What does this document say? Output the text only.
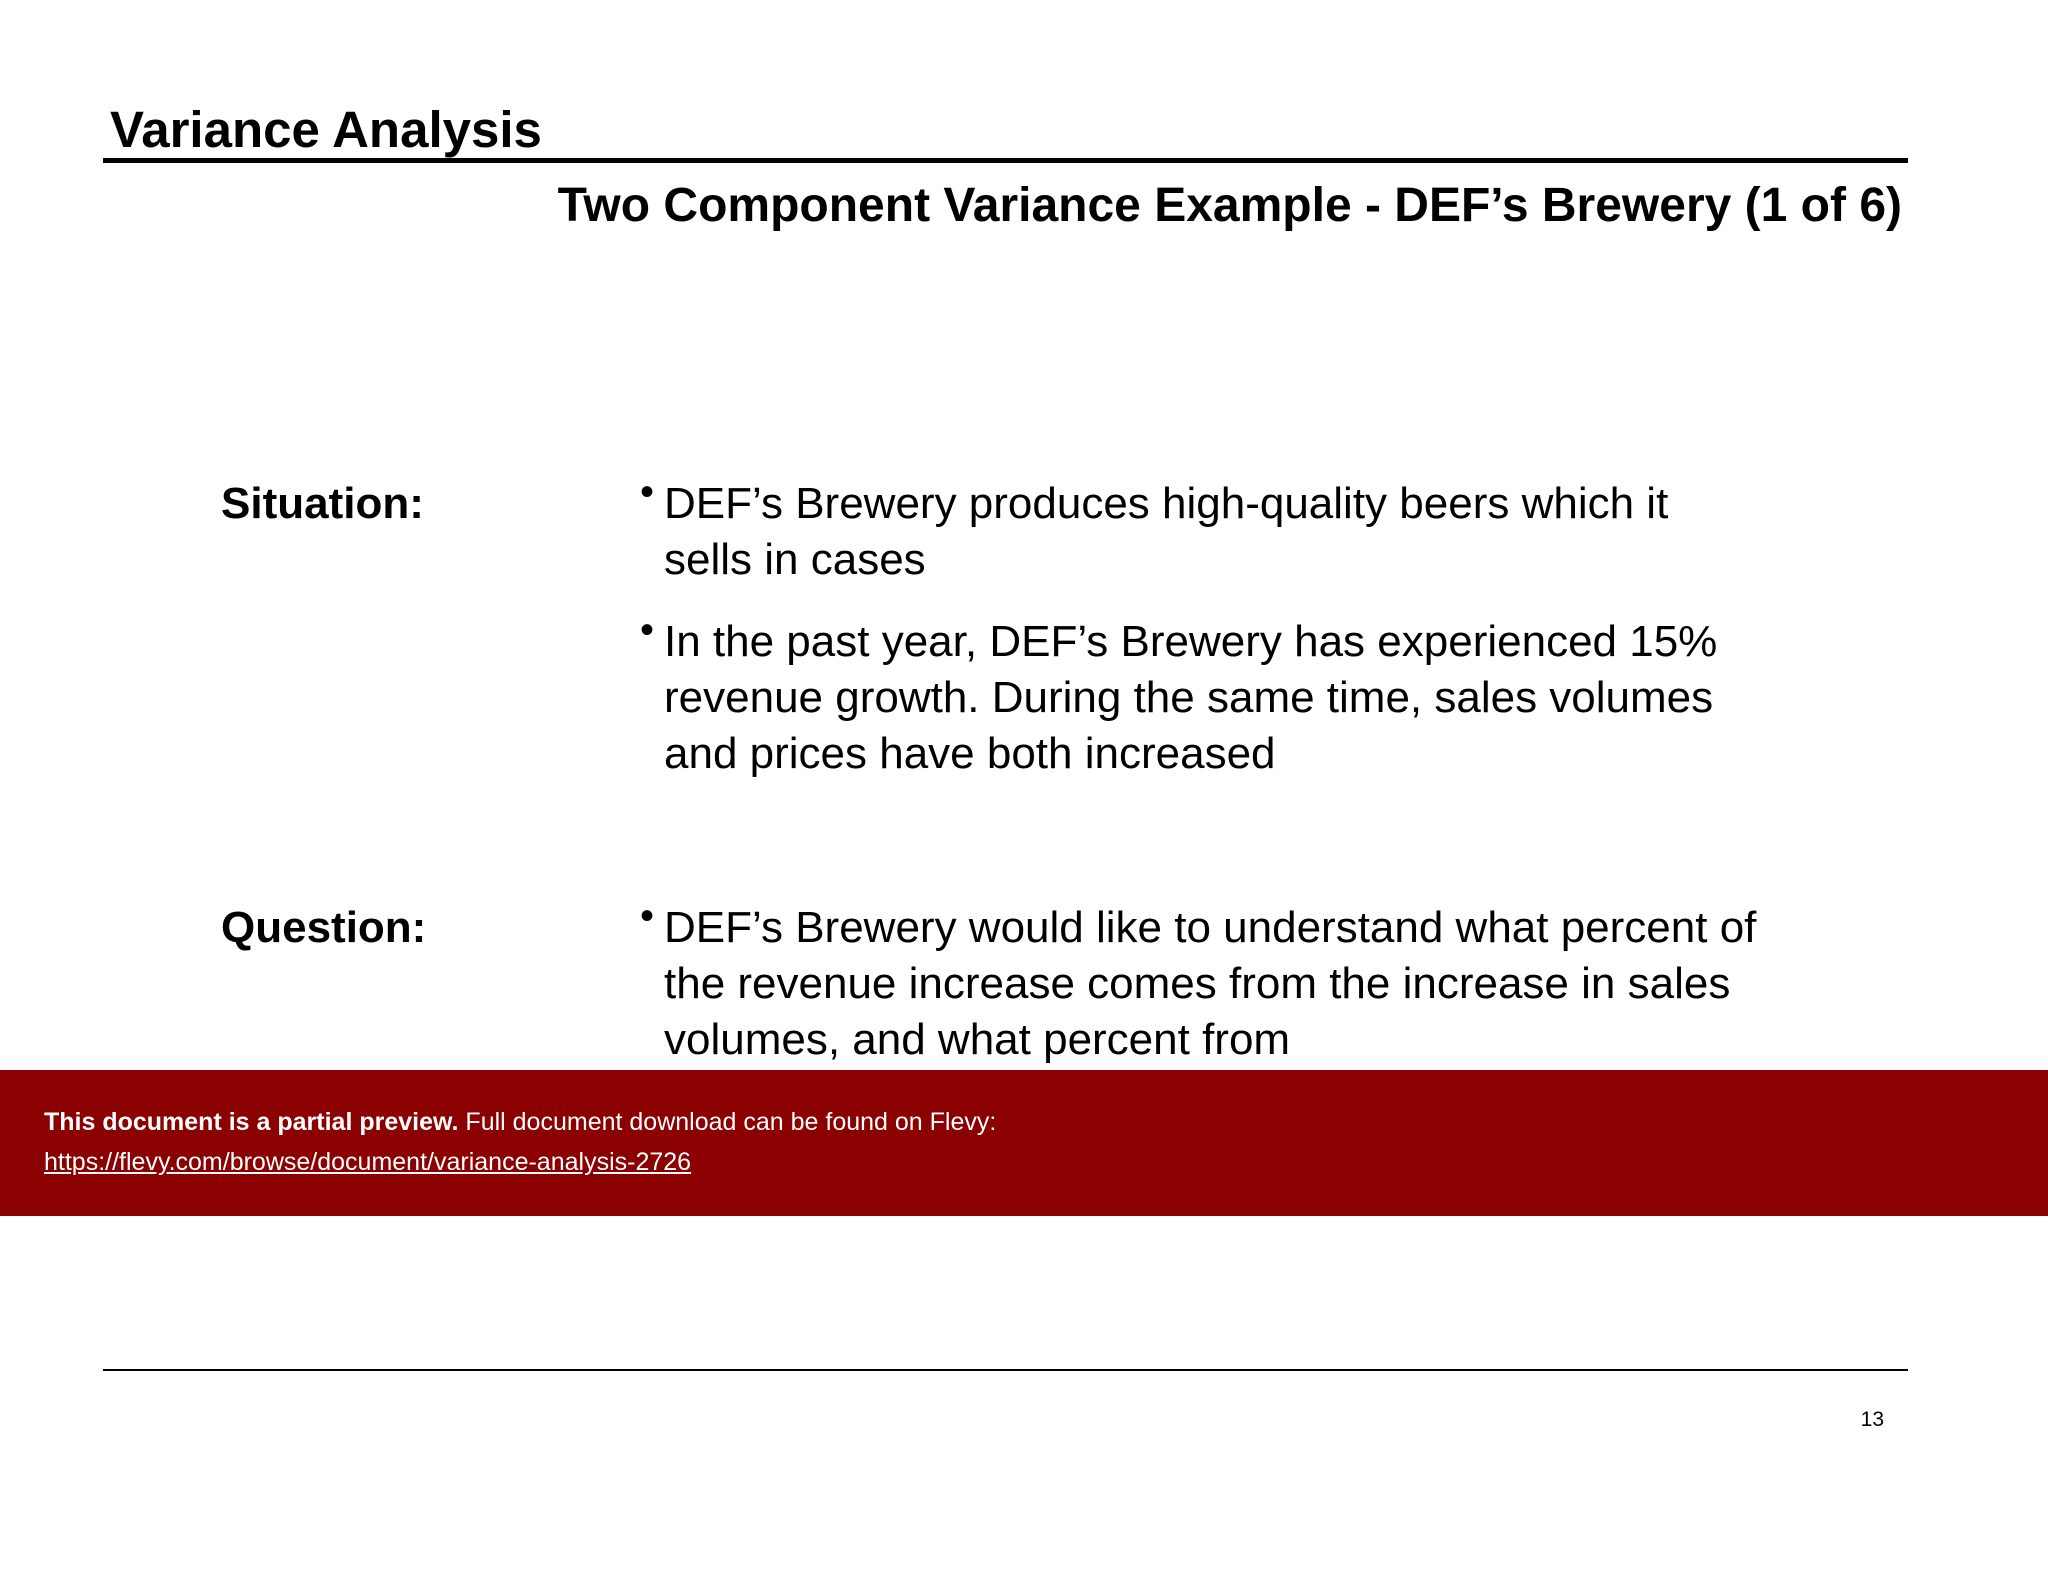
Variance Analysis
Two Component Variance Example - DEF’s Brewery (1 of 6)
Situation:	• DEF’s Brewery produces high-quality beers which it sells in cases
• In the past year, DEF’s Brewery has experienced 15% revenue growth. During the same time, sales volumes and prices have both increased
Question:	• DEF’s Brewery would like to understand what percent of the revenue increase comes from the increase in sales volumes, and what percent from
This document is a partial preview. Full document download can be found on Flevy:
https://flevy.com/browse/document/variance-analysis-2726
13
